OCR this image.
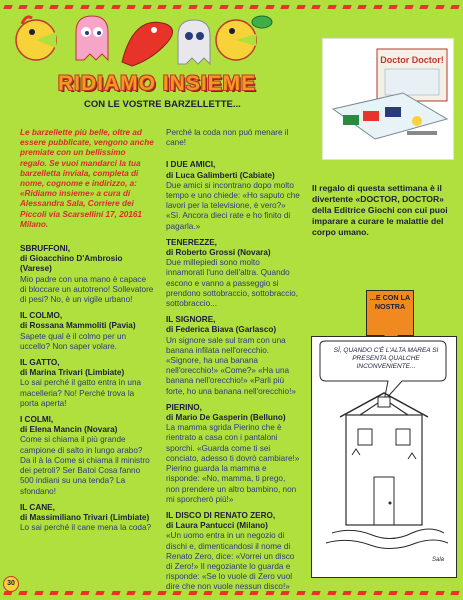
RIDIAMO INSIEME
CON LE VOSTRE BARZELLETTE...

Le barzellette più belle, oltre ad essere pubblicate, vengono anche premiate con un bellissimo regalo. Se vuoi mandarci la tua barzelletta inviala, completa di nome, cognome e indirizzo, a: «Ridiamo insieme» a cura di Alessandra Sala, Corriere dei Piccoli via Scarsellini 17, 20161 Milano.

SBRUFFONI,

di Gioacchino D'Ambrosio (Varese)

Mio padre con una mano è capace di bloccare un autotreno! Sollevatore di pesi? No, è un vigile urbano!

IL COLMO,

di Rossana Mammoliti (Pavia)

Sapete qual è il colmo per un uccello? Non saper volare.

IL GATTO,

di Marina Trivari (Limbiate)

Lo sai perché il gatto entra in una macelleria? No! Perché trova la porta aperta!

I COLMI,

di Elena Mancin (Novara)

Come si chiama il più grande campione di salto in lungo arabo? Da il à la Come si chiama il ministro dei petroli? Ser Batoi Cosa fanno 500 indiani su una tenda? La sfondano!

IL CANE,

di Massimiliano Trivari (Limbiate)

Lo sai perché il cane mena la coda?

Perché la coda non può menare il cane!

I DUE AMICI,

di Luca Galimberti (Cabiate)

Due amici si incontrano dopo molto tempo e uno chiede: «Ho saputo che lavori per la televisione, è vero?» «Sì. Ancora dieci rate e ho finito di pagarla.»

TENEREZZE,

di Roberto Grossi (Novara)

Due millepiedi sono molto innamorati l'uno dell'altra. Quando escono e vanno a passeggio si prendono sottobraccio, sottobraccio, sottobraccio...

IL SIGNORE,

di Federica Biava (Garlasco)

Un signore sale sul tram con una banana infilata nell'orecchio. «Signore, ha una banana nell'orecchio!» «Come?» «Ha una banana nell'orecchio!» «Parli più forte, ho una banana nell'orecchio!»

PIERINO,

di Mario De Gasperin (Belluno)

La mamma sgrida Pierino che è rientrato a casa con i pantaloni sporchi. «Guarda come ti sei conciato, adesso ti dovrò cambiare!» Pierino guarda la mamma e risponde: «No, mamma, ti prego, non prendere un altro bambino, non mi sporcherò più!»

IL DISCO DI RENATO ZERO,

di Laura Pantucci (Milano)

«Un uomo entra in un negozio di dischi e, dimenticandosi il nome di Renato Zero, dice: «Vorrei un disco di Zero!» Il negoziante lo guarda e risponde: «Se lo vuole di Zero vuol dire che non vuole nessun disco!»

Doctor Doctor!

Il regalo di questa settimana è il divertente «DOCTOR, DOCTOR» della Editrice Giochi con cui puoi imparare a curare le malattie del corpo umano.

...E CON LA NOSTRA
Sala
SÌ, QUANDO C'È L'ALTA MAREA SI PRESENTA QUALCHE INCONVENIENTE...
30
